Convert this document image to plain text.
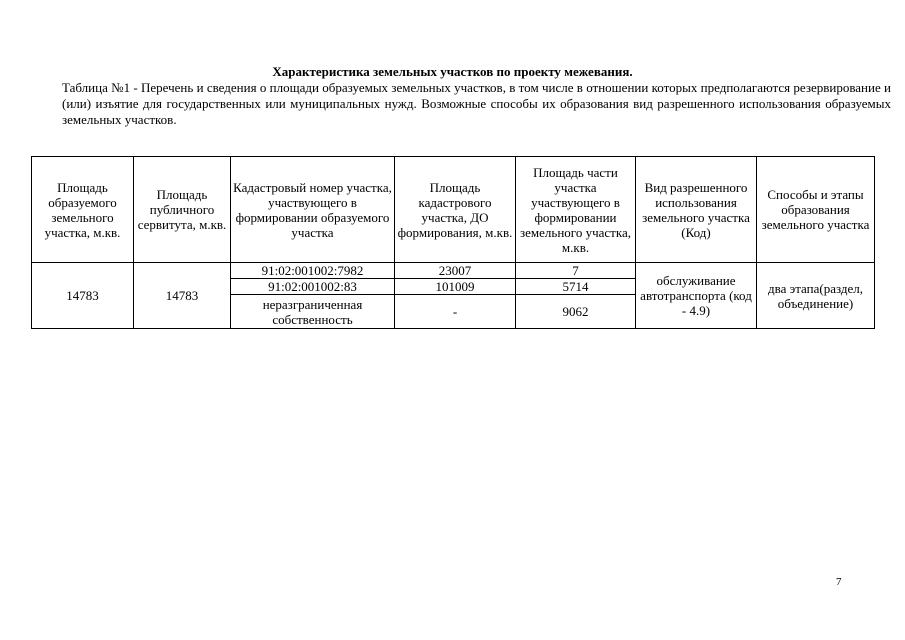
Характеристика земельных участков по проекту межевания.
Таблица №1 - Перечень и сведения о площади образуемых земельных участков, в том числе в отношении которых предполагаются резервирование и (или) изъятие для государственных или муниципальных нужд. Возможные способы их образования вид разрешенного использования образуемых земельных участков.
Площадь образуемого земельного участка, м.кв.	Площадь публичного сервитута, м.кв.	Кадастровый номер участка, участвующего в формировании образуемого участка	Площадь кадастрового участка, ДО формирования, м.кв.	Площадь части участка участвующего в формировании земельного участка, м.кв.	Вид разрешенного использования земельного участка (Код)	Способы и этапы образования земельного участка
14783	14783	91:02:001002:7982	23007	7	обслуживание автотранспорта (код - 4.9)	два этапа(раздел, объединение)
		91:02:001002:83	101009	5714		
		неразграниченная собственность	-	9062		
7
